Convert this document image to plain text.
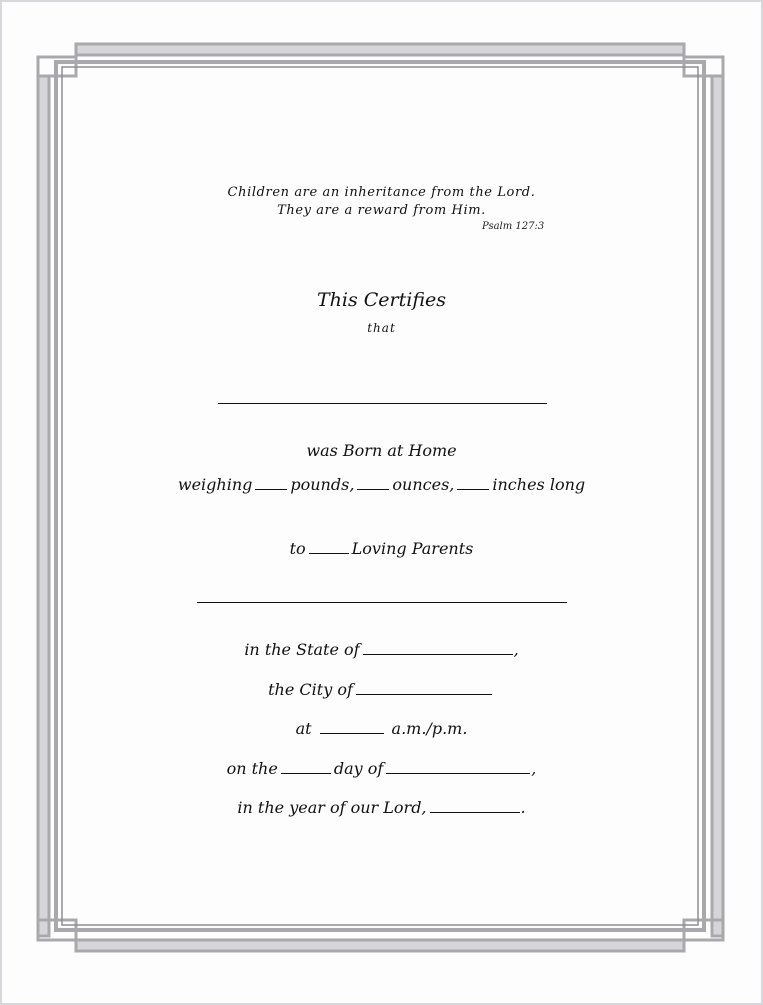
Children are an inheritance from the Lord.
They are a reward from Him.
Psalm 127:3
This Certifies
that
was Born at Home
weighing pounds, ounces, inches long
to	Loving Parents
in the State of	,
the City of
at	a.m./p.m.
on the	day of	,
in the year of our Lord,	.
